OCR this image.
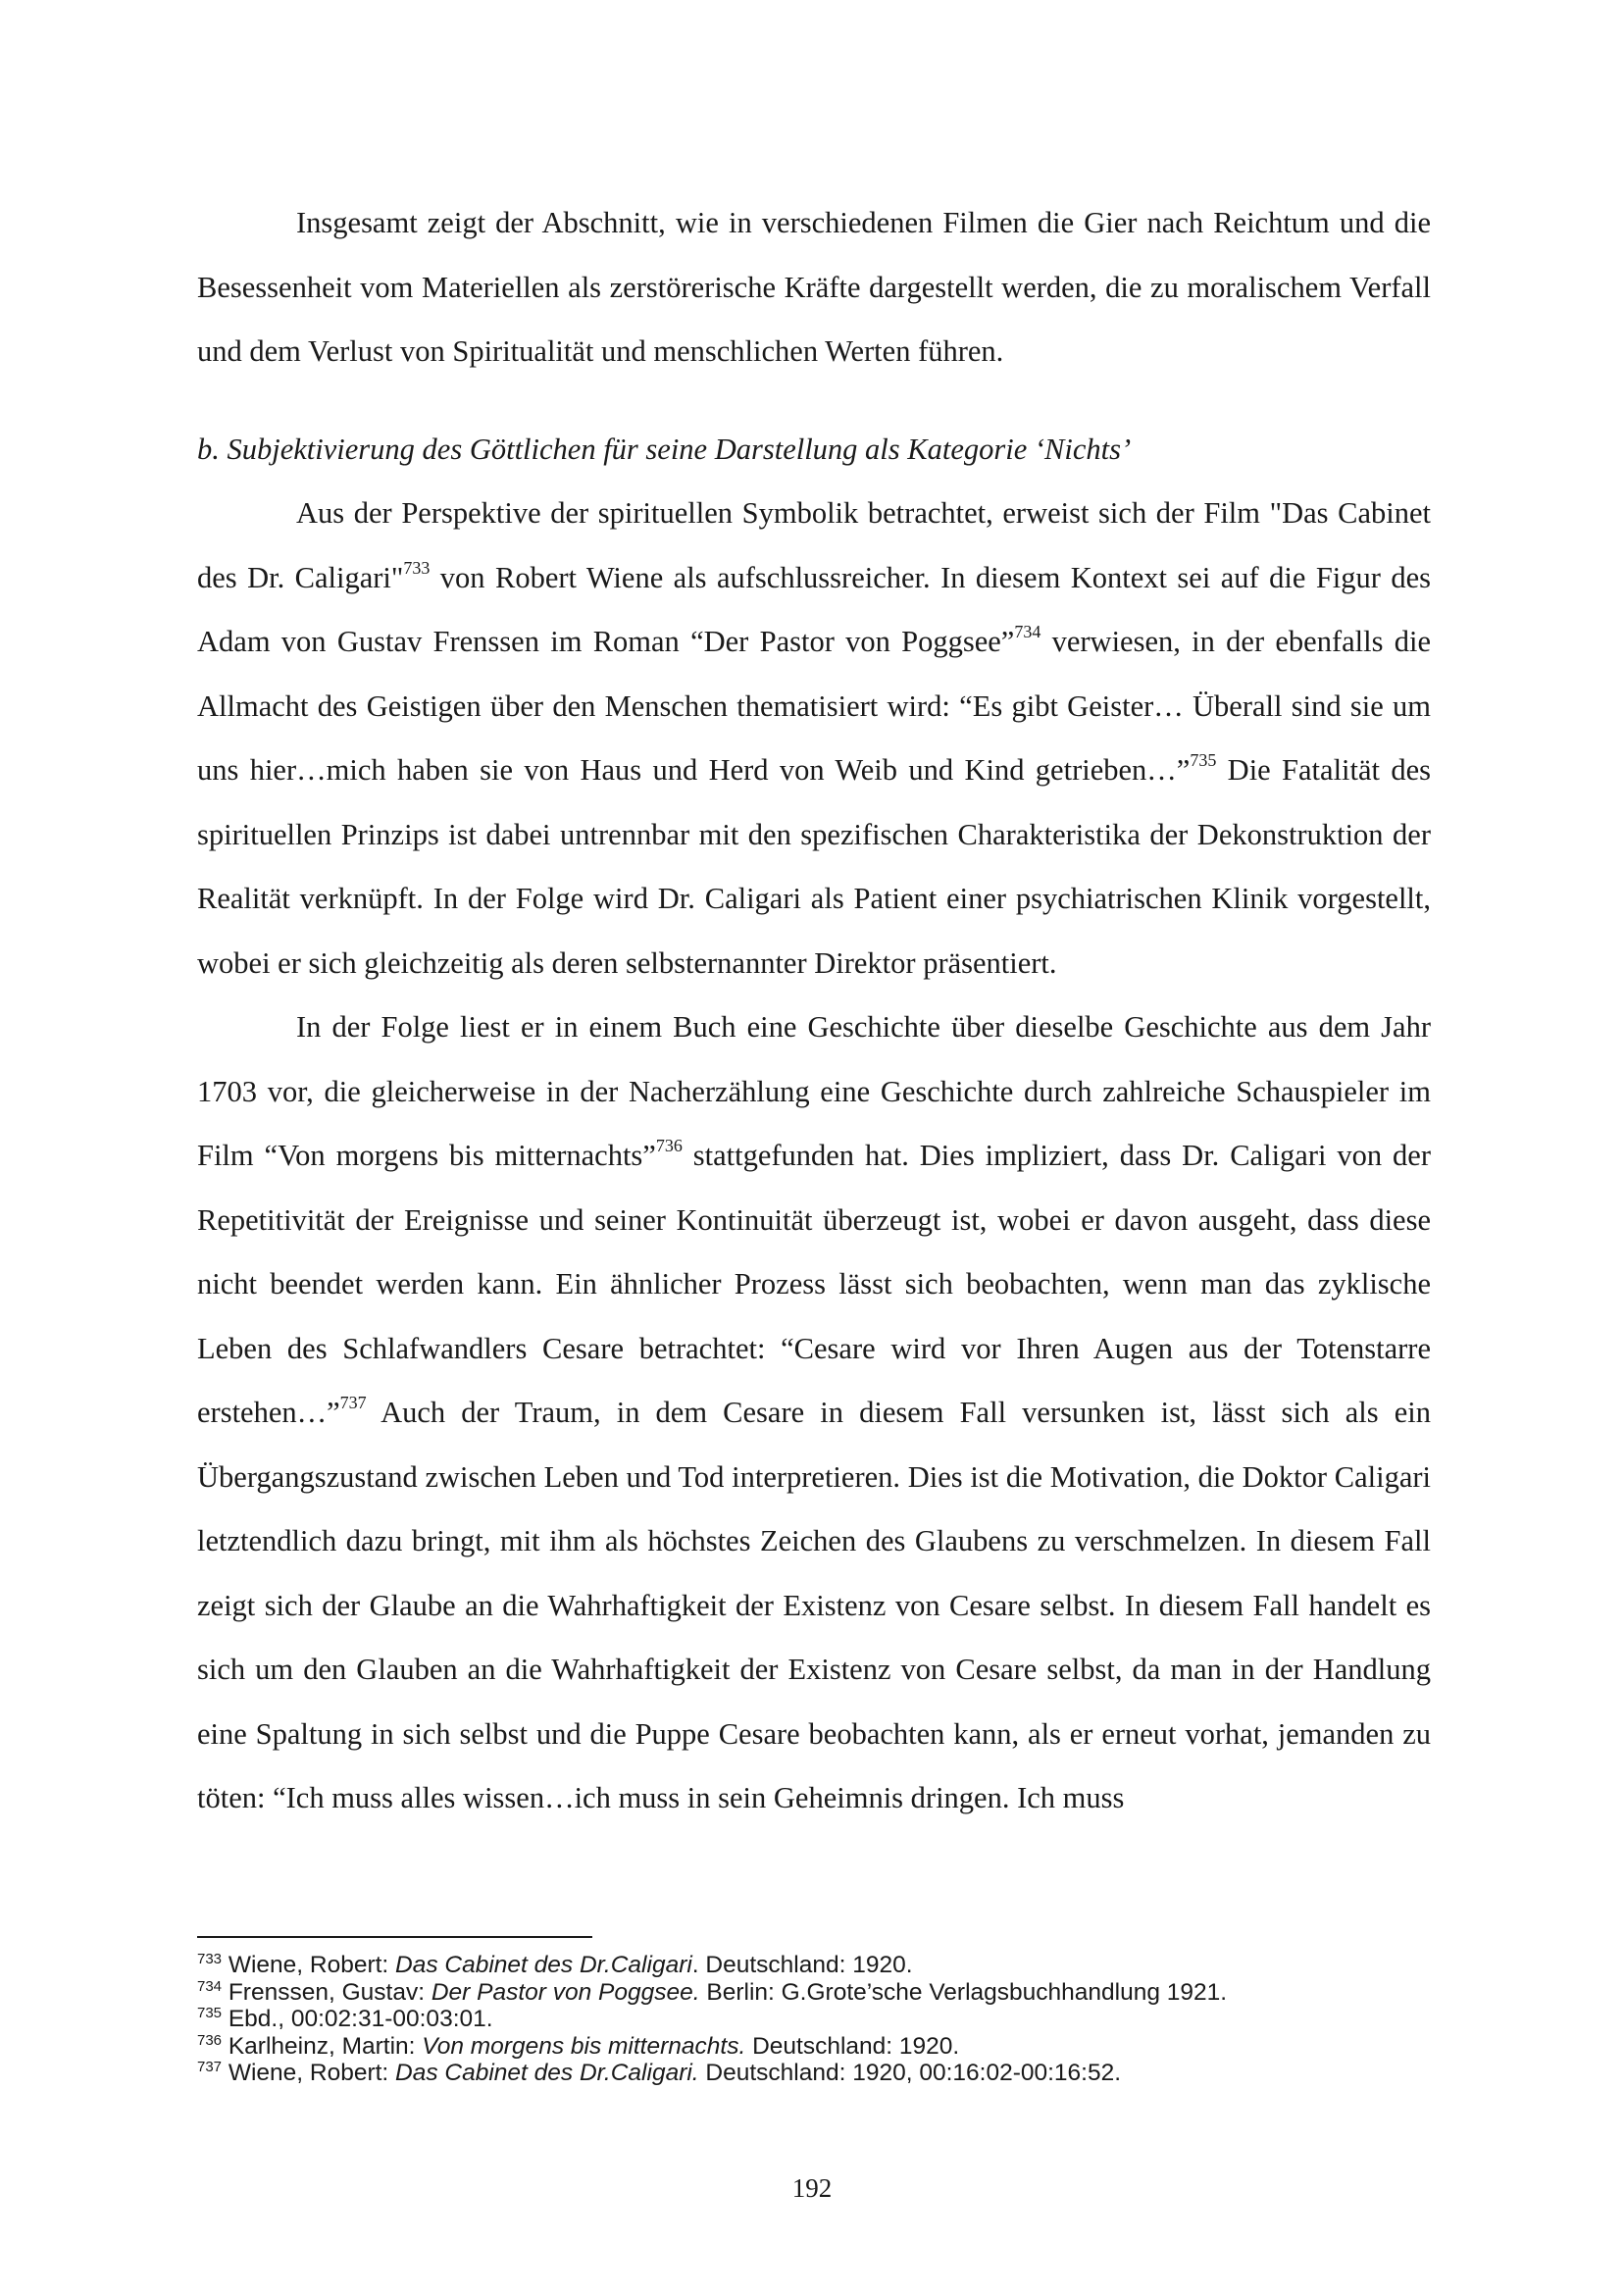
Insgesamt zeigt der Abschnitt, wie in verschiedenen Filmen die Gier nach Reichtum und die Besessenheit vom Materiellen als zerstörerische Kräfte dargestellt werden, die zu moralischem Verfall und dem Verlust von Spiritualität und menschlichen Werten führen.

b. Subjektivierung des Göttlichen für seine Darstellung als Kategorie ‘Nichts’

Aus der Perspektive der spirituellen Symbolik betrachtet, erweist sich der Film "Das Cabinet des Dr. Caligari"$^{733}$ von Robert Wiene als aufschlussreicher. In diesem Kontext sei auf die Figur des Adam von Gustav Frenssen im Roman “Der Pastor von Poggsee”$^{734}$ verwiesen, in der ebenfalls die Allmacht des Geistigen über den Menschen thematisiert wird: “Es gibt Geister… Überall sind sie um uns hier…mich haben sie von Haus und Herd von Weib und Kind getrieben…”$^{735}$ Die Fatalität des spirituellen Prinzips ist dabei untrennbar mit den spezifischen Charakteristika der Dekonstruktion der Realität verknüpft. In der Folge wird Dr. Caligari als Patient einer psychiatrischen Klinik vorgestellt, wobei er sich gleichzeitig als deren selbsternannter Direktor präsentiert.

In der Folge liest er in einem Buch eine Geschichte über dieselbe Geschichte aus dem Jahr 1703 vor, die gleicherweise in der Nacherzählung eine Geschichte durch zahlreiche Schauspieler im Film “Von morgens bis mitternachts”$^{736}$ stattgefunden hat. Dies impliziert, dass Dr. Caligari von der Repetitivität der Ereignisse und seiner Kontinuität überzeugt ist, wobei er davon ausgeht, dass diese nicht beendet werden kann. Ein ähnlicher Prozess lässt sich beobachten, wenn man das zyklische Leben des Schlafwandlers Cesare betrachtet: “Cesare wird vor Ihren Augen aus der Totenstarre erstehen…”$^{737}$ Auch der Traum, in dem Cesare in diesem Fall versunken ist, lässt sich als ein Übergangszustand zwischen Leben und Tod interpretieren. Dies ist die Motivation, die Doktor Caligari letztendlich dazu bringt, mit ihm als höchstes Zeichen des Glaubens zu verschmelzen. In diesem Fall zeigt sich der Glaube an die Wahrhaftigkeit der Existenz von Cesare selbst. In diesem Fall handelt es sich um den Glauben an die Wahrhaftigkeit der Existenz von Cesare selbst, da man in der Handlung eine Spaltung in sich selbst und die Puppe Cesare beobachten kann, als er erneut vorhat, jemanden zu töten: “Ich muss alles wissen…ich muss in sein Geheimnis dringen. Ich muss

$^{733}$ Wiene, Robert: Das Cabinet des Dr.Caligari. Deutschland: 1920.

$^{734}$ Frenssen, Gustav: Der Pastor von Poggsee. Berlin: G.Grote’sche Verlagsbuchhandlung 1921.

$^{735}$ Ebd., 00:02:31-00:03:01.

$^{736}$ Karlheinz, Martin: Von morgens bis mitternachts. Deutschland: 1920.

$^{737}$ Wiene, Robert: Das Cabinet des Dr.Caligari. Deutschland: 1920, 00:16:02-00:16:52.

192
